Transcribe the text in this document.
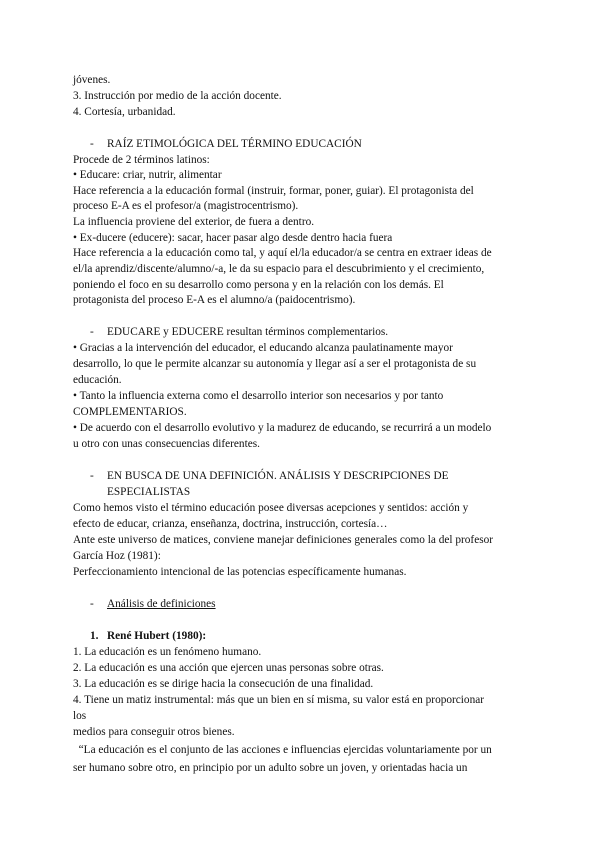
jóvenes.
3. Instrucción por medio de la acción docente.
4. Cortesía, urbanidad.
- RAÍZ ETIMOLÓGICA DEL TÉRMINO EDUCACIÓN
Procede de 2 términos latinos:
• Educare: criar, nutrir, alimentar
Hace referencia a la educación formal (instruir, formar, poner, guiar). El protagonista del
proceso E-A es el profesor/a (magistrocentrismo).
La influencia proviene del exterior, de fuera a dentro.
• Ex-ducere (educere): sacar, hacer pasar algo desde dentro hacia fuera
Hace referencia a la educación como tal, y aquí el/la educador/a se centra en extraer ideas de
el/la aprendiz/discente/alumno/-a, le da su espacio para el descubrimiento y el crecimiento,
poniendo el foco en su desarrollo como persona y en la relación con los demás. El
protagonista del proceso E-A es el alumno/a (paidocentrismo).
- EDUCARE y EDUCERE resultan términos complementarios.
• Gracias a la intervención del educador, el educando alcanza paulatinamente mayor
desarrollo, lo que le permite alcanzar su autonomía y llegar así a ser el protagonista de su
educación.
• Tanto la influencia externa como el desarrollo interior son necesarios y por tanto
COMPLEMENTARIOS.
• De acuerdo con el desarrollo evolutivo y la madurez de educando, se recurrirá a un modelo
u otro con unas consecuencias diferentes.
- EN BUSCA DE UNA DEFINICIÓN. ANÁLISIS Y DESCRIPCIONES DE
ESPECIALISTAS
Como hemos visto el término educación posee diversas acepciones y sentidos: acción y
efecto de educar, crianza, enseñanza, doctrina, instrucción, cortesía…
Ante este universo de matices, conviene manejar definiciones generales como la del profesor
García Hoz (1981):
Perfeccionamiento intencional de las potencias específicamente humanas.
- Análisis de definiciones
1. René Hubert (1980):
1. La educación es un fenómeno humano.
2. La educación es una acción que ejercen unas personas sobre otras.
3. La educación es se dirige hacia la consecución de una finalidad.
4. Tiene un matiz instrumental: más que un bien en sí misma, su valor está en proporcionar
los
medios para conseguir otros bienes.
“La educación es el conjunto de las acciones e influencias ejercidas voluntariamente por un
ser humano sobre otro, en principio por un adulto sobre un joven, y orientadas hacia un
